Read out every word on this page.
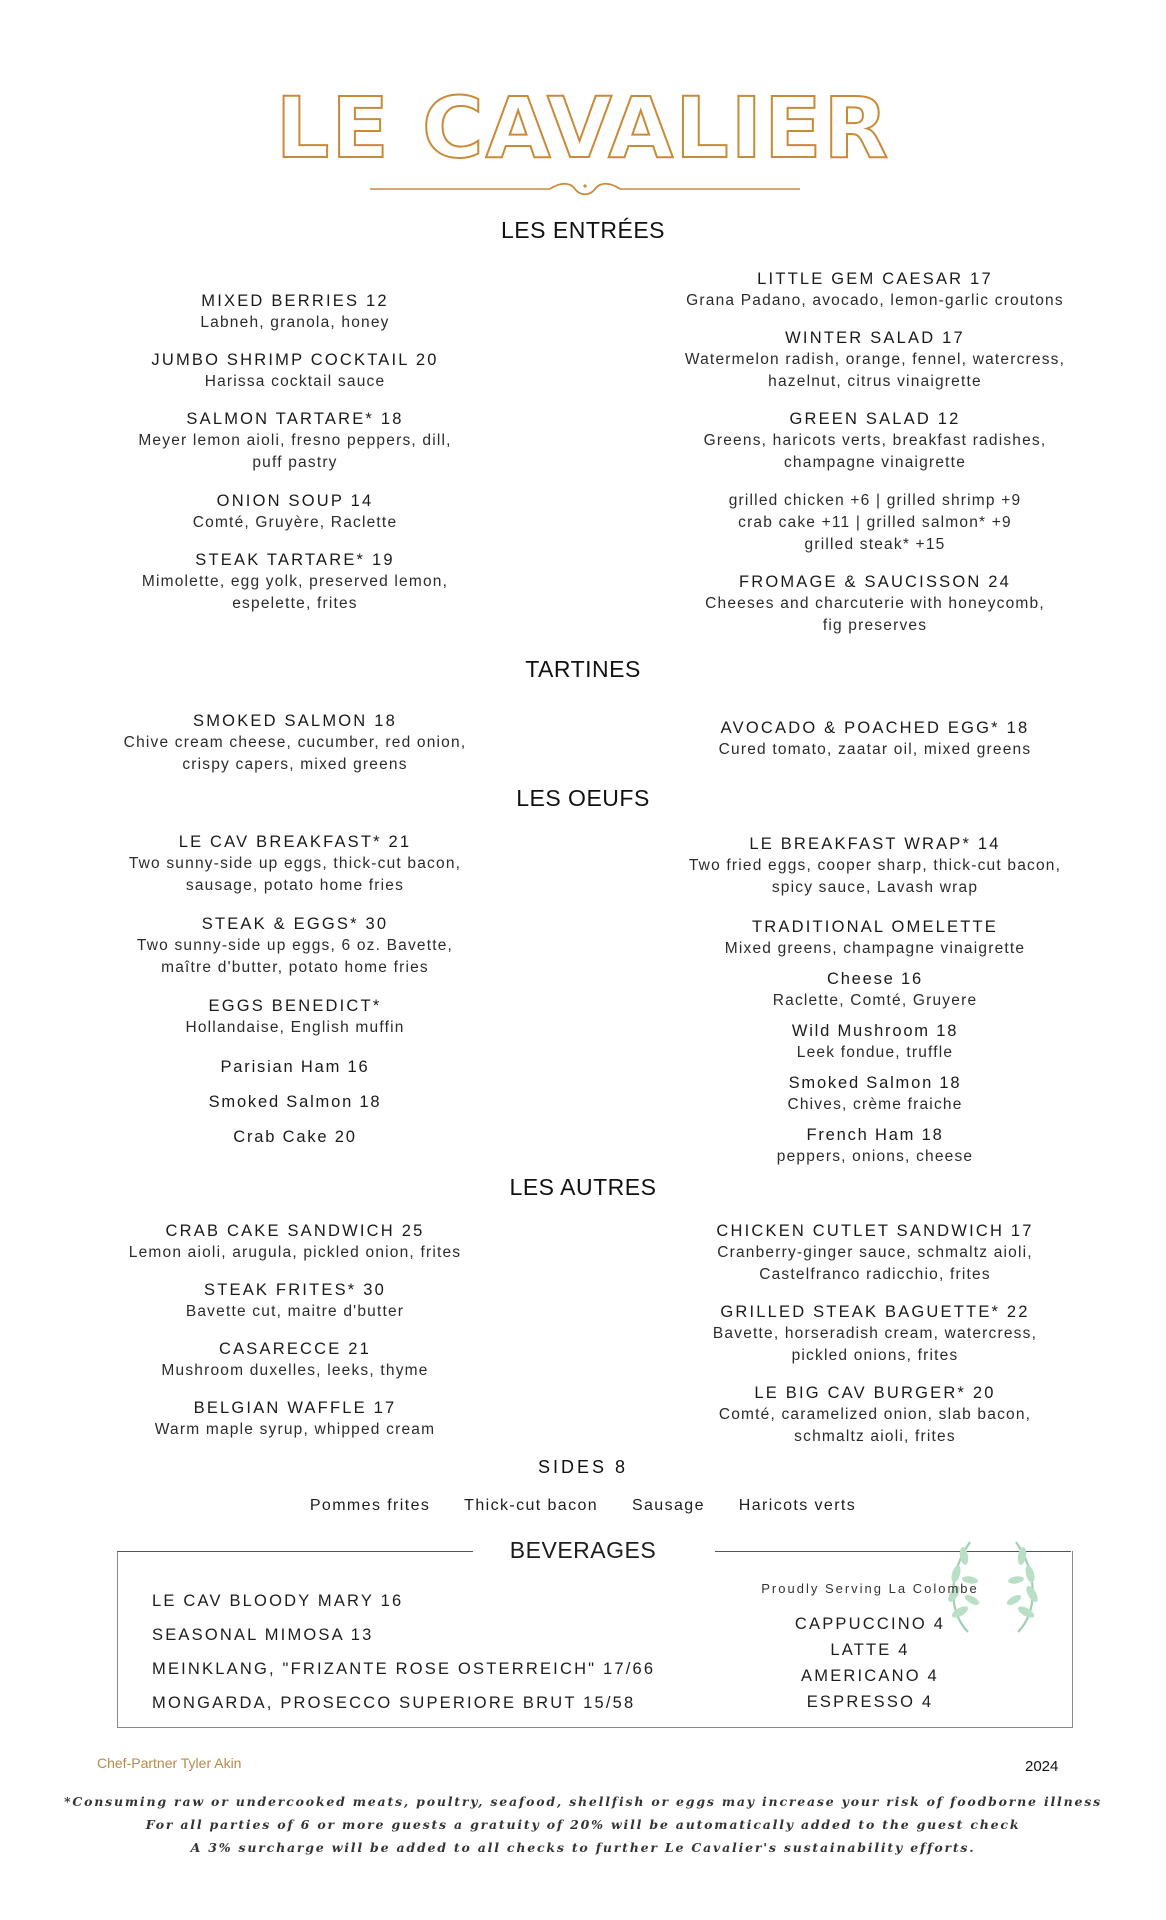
LE CAVALIER
LES ENTRÉES
TARTINES
LES OEUFS
LES AUTRES
SIDES 8
MIXED BERRIES 12
Labneh, granola, honey
JUMBO SHRIMP COCKTAIL 20
Harissa cocktail sauce
SALMON TARTARE* 18
Meyer lemon aioli, fresno peppers, dill,
puff pastry
ONION SOUP 14
Comté, Gruyère, Raclette
STEAK TARTARE* 19
Mimolette, egg yolk, preserved lemon,
espelette, frites
LITTLE GEM CAESAR 17
Grana Padano, avocado, lemon-garlic croutons
WINTER SALAD 17
Watermelon radish, orange, fennel, watercress,
hazelnut, citrus vinaigrette
GREEN SALAD 12
Greens, haricots verts, breakfast radishes,
champagne vinaigrette
grilled chicken +6 | grilled shrimp +9
crab cake +11 | grilled salmon* +9
grilled steak* +15
FROMAGE & SAUCISSON 24
Cheeses and charcuterie with honeycomb,
fig preserves
SMOKED SALMON 18
Chive cream cheese, cucumber, red onion,
crispy capers, mixed greens
AVOCADO & POACHED EGG* 18
Cured tomato, zaatar oil, mixed greens
LE CAV BREAKFAST* 21
Two sunny-side up eggs, thick-cut bacon,
sausage, potato home fries
STEAK & EGGS* 30
Two sunny-side up eggs, 6 oz. Bavette,
maître d'butter, potato home fries
EGGS BENEDICT*
Hollandaise, English muffin
Parisian Ham 16
Smoked Salmon 18
Crab Cake 20
LE BREAKFAST WRAP* 14
Two fried eggs, cooper sharp, thick-cut bacon,
spicy sauce, Lavash wrap
TRADITIONAL OMELETTE
Mixed greens, champagne vinaigrette
Cheese 16
Raclette, Comté, Gruyere
Wild Mushroom 18
Leek fondue, truffle
Smoked Salmon 18
Chives, crème fraiche
French Ham 18
peppers, onions, cheese
CRAB CAKE SANDWICH 25
Lemon aioli, arugula, pickled onion, frites
STEAK FRITES* 30
Bavette cut, maitre d'butter
CASARECCE 21
Mushroom duxelles, leeks, thyme
BELGIAN WAFFLE 17
Warm maple syrup, whipped cream
CHICKEN CUTLET SANDWICH 17
Cranberry-ginger sauce, schmaltz aioli,
Castelfranco radicchio, frites
GRILLED STEAK BAGUETTE* 22
Bavette, horseradish cream, watercress,
pickled onions, frites
LE BIG CAV BURGER* 20
Comté, caramelized onion, slab bacon,
schmaltz aioli, frites
Pommes frites Thick-cut bacon Sausage Haricots verts
BEVERAGES
LE CAV BLOODY MARY 16
SEASONAL MIMOSA 13
MEINKLANG, "FRIZANTE ROSE OSTERREICH" 17/66
MONGARDA, PROSECCO SUPERIORE BRUT 15/58
Proudly Serving La Colombe
CAPPUCCINO 4
LATTE 4
AMERICANO 4
ESPRESSO 4
Chef-Partner Tyler Akin	2024
*Consuming raw or undercooked meats, poultry, seafood, shellfish or eggs may increase your risk of foodborne illness
For all parties of 6 or more guests a gratuity of 20% will be automatically added to the guest check
A 3% surcharge will be added to all checks to further Le Cavalier's sustainability efforts.
